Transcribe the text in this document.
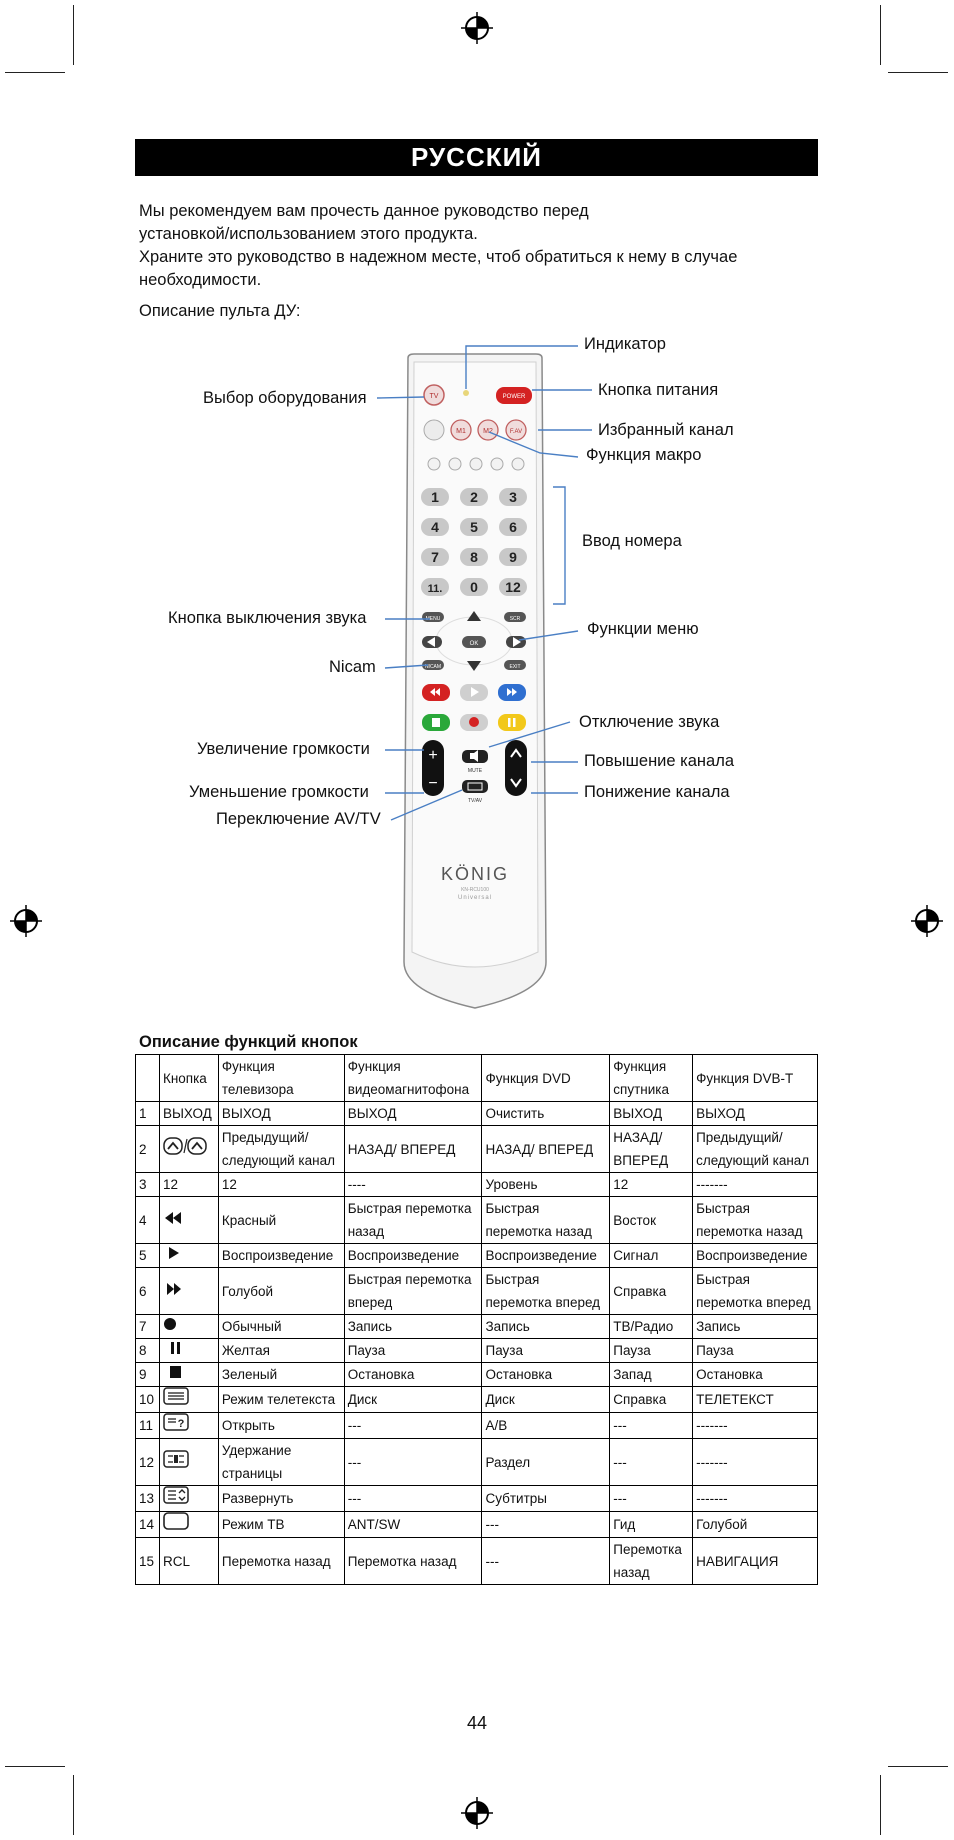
РУССКИЙ

Мы рекомендуем вам прочесть данное руководство перед

установкой/использованием этого продукта.

Храните это руководство в надежном месте, чтоб обратиться к нему в случае

необходимости.

Описание пульта ДУ:
TV	POWER
M1 M2	F.AV
1 2 3
4 5 6
7 8 9
11. 0 12
MENU	SCR
OK
NICAM	EXIT
+
−
MUTE
TV/AV
KÖNIG
KN-RCU100
Universal
Индикатор
Выбор оборудования	Кнопка питания
Избранный канал
Функция макро
Ввод номера
Кнопка выключения звука
Функции меню
Nicam
Отключение звука
Увеличение громкости
Повышение канала
Уменьшение громкости	Понижение канала
Переключение AV/TV
Описание функций кнопок
	Кнопка	Функция телевизора	Функция видеомагнитофона	Функция DVD	Функция спутника	Функция DVB-T
1	ВЫХОД	ВЫХОД	ВЫХОД	Очистить	ВЫХОД	ВЫХОД
2		Предыдущий/ следующий канал	НАЗАД/ ВПЕРЕД	НАЗАД/ ВПЕРЕД	НАЗАД/ ВПЕРЕД	Предыдущий/ следующий канал
3	12	12	----	Уровень	12	-------
4		Красный	Быстрая перемотка назад	Быстрая перемотка назад	Восток	Быстрая перемотка назад
5		Воспроизведение	Воспроизведение	Воспроизведение	Сигнал	Воспроизведение
6		Голубой	Быстрая перемотка вперед	Быстрая перемотка вперед	Справка	Быстрая перемотка вперед
7		Обычный	Запись	Запись	ТВ/Радио	Запись
8		Желтая	Пауза	Пауза	Пауза	Пауза
9		Зеленый	Остановка	Остановка	Запад	Остановка
10		Режим телетекста	Диск	Диск	Справка	ТЕЛЕТЕКСТ
11	?	Открыть	---	A/B	---	-------
12		Удержание страницы	---	Раздел	---	-------
13		Развернуть	---	Субтитры	---	-------
14		Режим ТВ	ANT/SW	---	Гид	Голубой
15	RCL	Перемотка назад	Перемотка назад	---	Перемотка назад	НАВИГАЦИЯ
44
